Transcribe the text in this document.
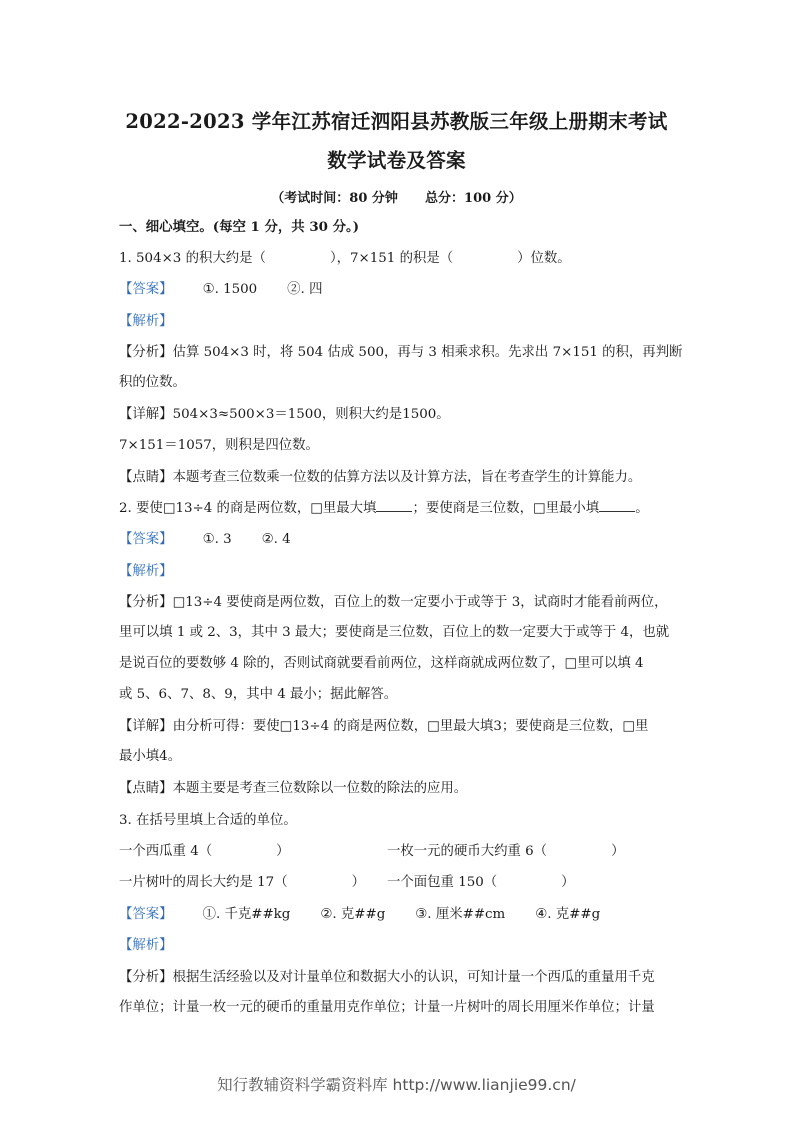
2022-2023 学年江苏宿迁泗阳县苏教版三年级上册期末考试
数学试卷及答案
（考试时间：80 分钟      总分：100 分）
一、细心填空。(每空 1 分，共 30 分。)
1. 504×3 的积大约是（	），7×151 的积是（	）位数。
【答案】 ①. 1500 ②. 四
【解析】
【分析】估算 504×3 时，将 504 估成 500，再与 3 相乘求积。先求出 7×151 的积，再判断
积的位数。
【详解】504×3≈500×3＝1500，则积大约是1500。
7×151＝1057，则积是四位数。
【点睛】本题考查三位数乘一位数的估算方法以及计算方法，旨在考查学生的计算能力。
2. 要使□13÷4 的商是两位数，□里最大填	；要使商是三位数，□里最小填	。
【答案】 ①. 3 ②. 4
【解析】
【分析】□13÷4 要使商是两位数，百位上的数一定要小于或等于 3，试商时才能看前两位，
里可以填 1 或 2、3，其中 3 最大；要使商是三位数，百位上的数一定要大于或等于 4，也就
是说百位的要数够 4 除的，否则试商就要看前两位，这样商就成两位数了，□里可以填 4
或 5、6、7、8、9，其中 4 最小；据此解答。
【详解】由分析可得：要使□13÷4 的商是两位数，□里最大填3；要使商是三位数，□里
最小填4。
【点睛】本题主要是考查三位数除以一位数的除法的应用。
3. 在括号里填上合适的单位。
一个西瓜重 4（	）	一枚一元的硬币大约重 6（	）
一片树叶的周长大约是 17（	） 一个面包重 150（	）
【答案】 ①. 千克##kg ②. 克##g ③. 厘米##cm ④. 克##g
【解析】
【分析】根据生活经验以及对计量单位和数据大小的认识，可知计量一个西瓜的重量用千克
作单位；计量一枚一元的硬币的重量用克作单位；计量一片树叶的周长用厘米作单位；计量
知行教辅资料学霸资料库 http://www.lianjie99.cn/
